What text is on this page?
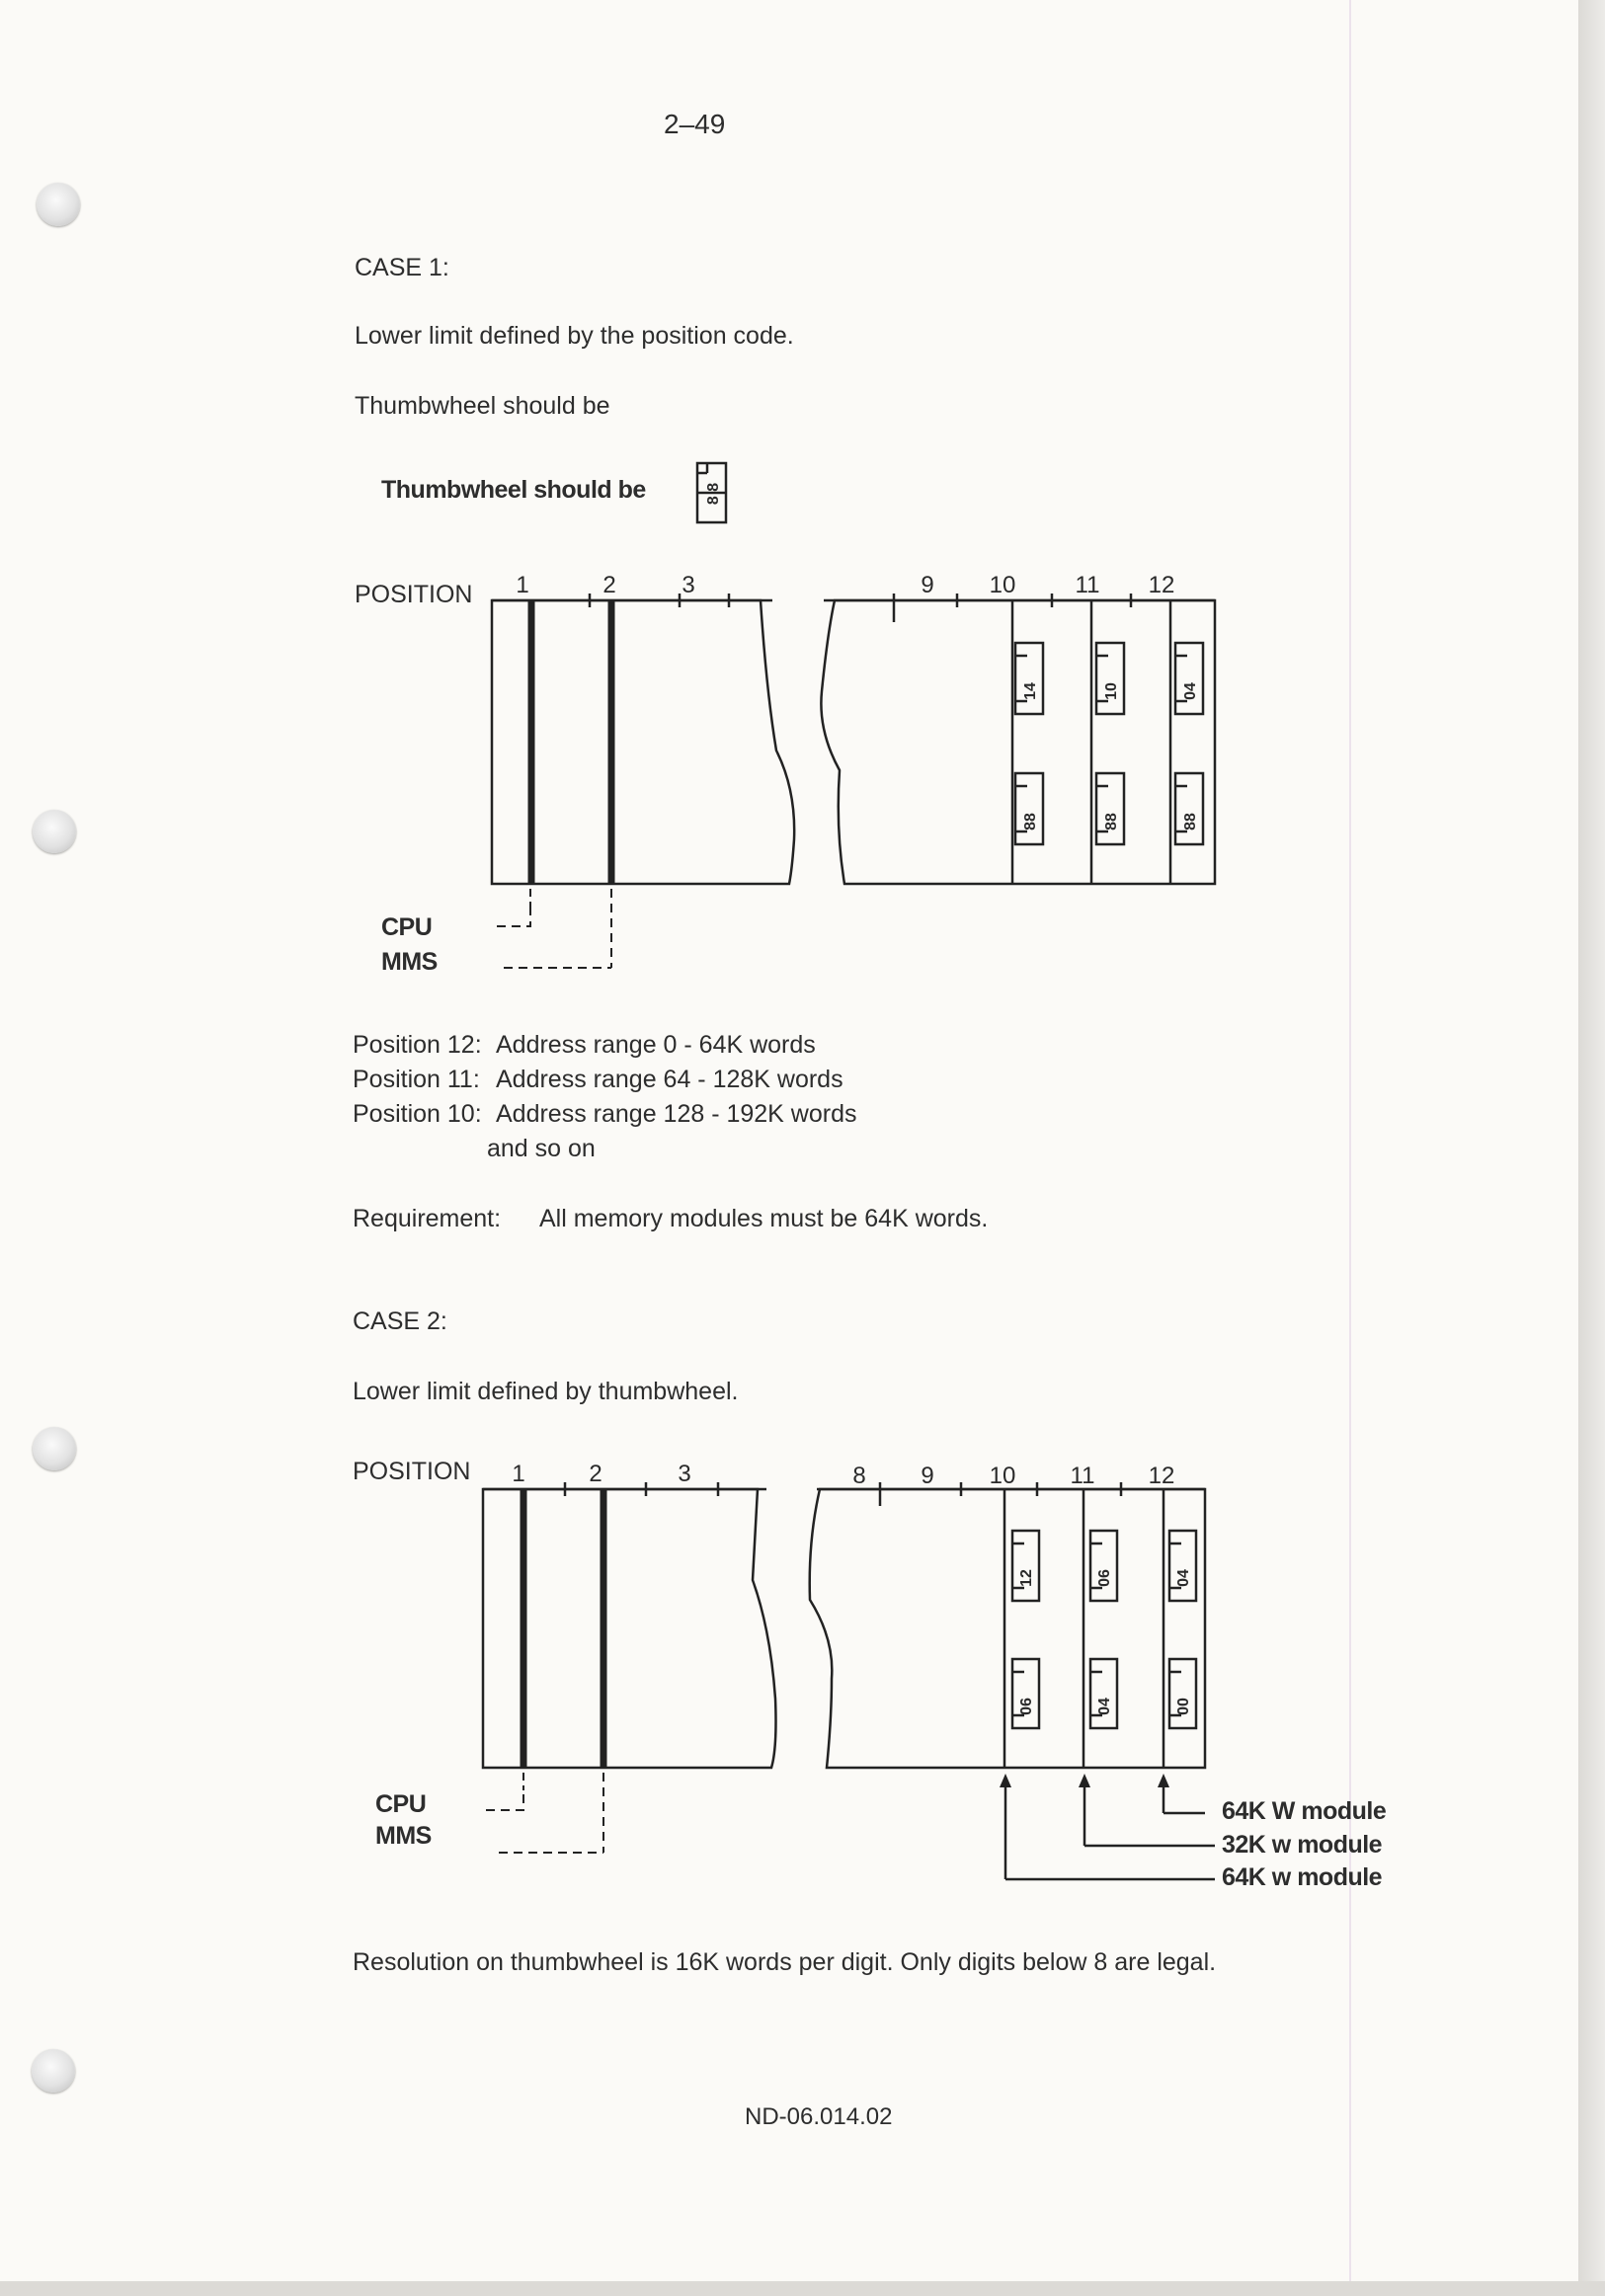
2–49
CASE 1:
Lower limit defined by the position code.
Thumbwheel should be
Thumbwheel should be
POSITION
CPU
MMS
Position 12: Address range 0 - 64K words
Position 11: Address range 64 - 128K words
Position 10: Address range 128 - 192K words
and so on
Requirement: All memory modules must be 64K words.
CASE 2:
Lower limit defined by thumbwheel.
POSITION
CPU
MMS
64K W module
32K w module
64K w module
Resolution on thumbwheel is 16K words per digit. Only digits below 8 are legal.
ND-06.014.02
1	2	3	9 10	11 12
1	2	3	8 9 10 11 12
8 8
14
88
10
88
04
88
12
06
06
04
04
00
